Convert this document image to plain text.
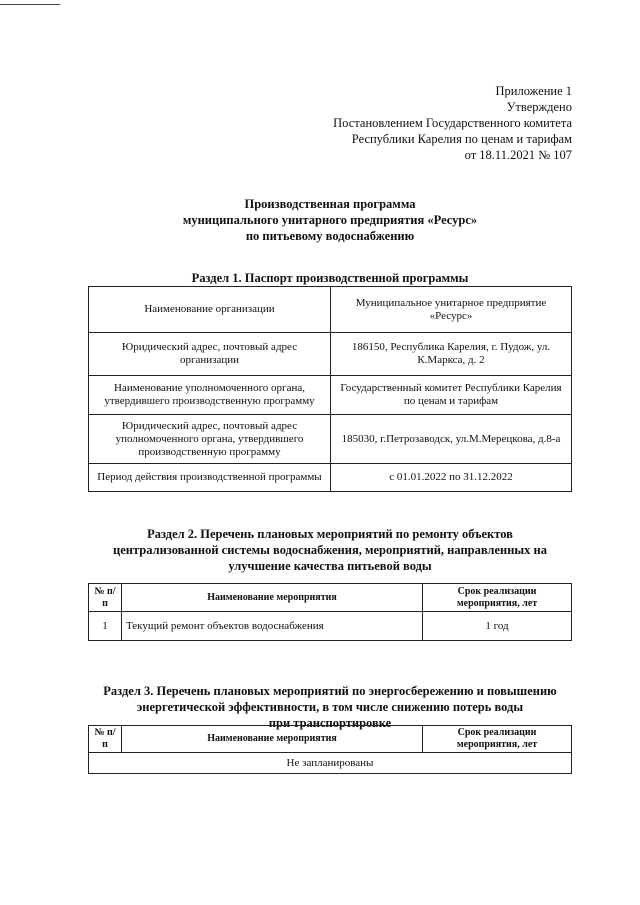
Приложение 1
Утверждено
Постановлением Государственного комитета
Республики Карелия по ценам и тарифам
от 18.11.2021 № 107
Производственная программа
муниципального унитарного предприятия «Ресурс»
по питьевому водоснабжению
Раздел 1. Паспорт производственной программы
Наименование организации	Муниципальное унитарное предприятие «Ресурс»
Юридический адрес, почтовый адрес организации	186150, Республика Карелия, г. Пудож, ул. К.Маркса, д. 2
Наименование уполномоченного органа, утвердившего производственную программу	Государственный комитет Республики Карелия по ценам и тарифам
Юридический адрес, почтовый адрес уполномоченного органа, утвердившего производственную программу	185030, г.Петрозаводск, ул.М.Мерецкова, д.8-а
Период действия производственной программы	с 01.01.2022 по 31.12.2022
Раздел 2. Перечень плановых мероприятий по ремонту объектов
централизованной системы водоснабжения, мероприятий, направленных на
улучшение качества питьевой воды
№ п/п	Наименование мероприятия	Срок реализации мероприятия, лет
1	Текущий ремонт объектов водоснабжения	1 год
Раздел 3. Перечень плановых мероприятий по энергосбережению и повышению
энергетической эффективности, в том числе снижению потерь воды
при транспортировке
№ п/п	Наименование мероприятия	Срок реализации мероприятия, лет
Не запланированы
